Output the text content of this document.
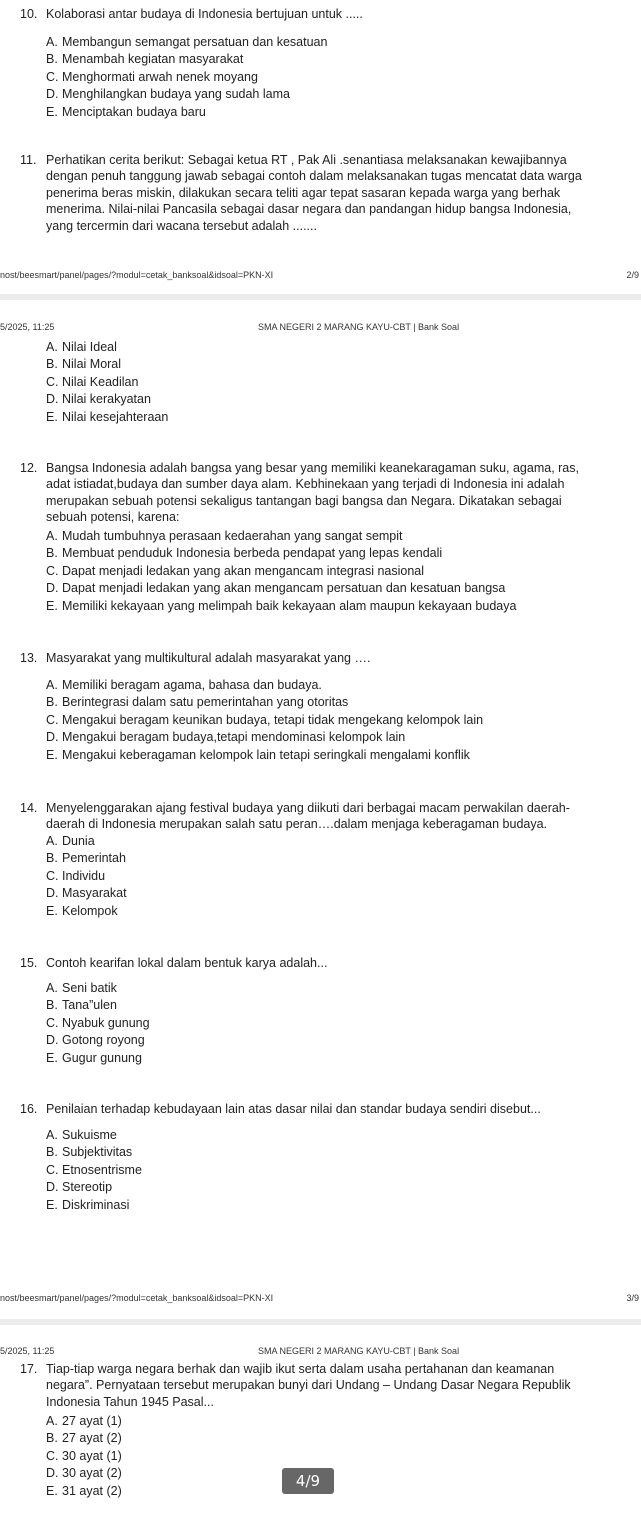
10. Kolaborasi antar budaya di Indonesia bertujuan untuk .....
A. Membangun semangat persatuan dan kesatuan
B. Menambah kegiatan masyarakat
C. Menghormati arwah nenek moyang
D. Menghilangkan budaya yang sudah lama
E. Menciptakan budaya baru
11. Perhatikan cerita berikut: Sebagai ketua RT , Pak Ali .senantiasa melaksanakan kewajibannya dengan penuh tanggung jawab sebagai contoh dalam melaksanakan tugas mencatat data warga penerima beras miskin, dilakukan secara teliti agar tepat sasaran kepada warga yang berhak menerima. Nilai-nilai Pancasila sebagai dasar negara dan pandangan hidup bangsa Indonesia, yang tercermin dari wacana tersebut adalah .......
nost/beesmart/panel/pages/?modul=cetak_banksoal&idsoal=PKN-XI	2/9
5/2025, 11:25	SMA NEGERI 2 MARANG KAYU-CBT | Bank Soal
A. Nilai Ideal
B. Nilai Moral
C. Nilai Keadilan
D. Nilai kerakyatan
E. Nilai kesejahteraan
12. Bangsa Indonesia adalah bangsa yang besar yang memiliki keanekaragaman suku, agama, ras, adat istiadat,budaya dan sumber daya alam. Kebhinekaan yang terjadi di Indonesia ini adalah merupakan sebuah potensi sekaligus tantangan bagi bangsa dan Negara. Dikatakan sebagai sebuah potensi, karena:
A. Mudah tumbuhnya perasaan kedaerahan yang sangat sempit
B. Membuat penduduk Indonesia berbeda pendapat yang lepas kendali
C. Dapat menjadi ledakan yang akan mengancam integrasi nasional
D. Dapat menjadi ledakan yang akan mengancam persatuan dan kesatuan bangsa
E. Memiliki kekayaan yang melimpah baik kekayaan alam maupun kekayaan budaya
13. Masyarakat yang multikultural adalah masyarakat yang ….
A. Memiliki beragam agama, bahasa dan budaya.
B. Berintegrasi dalam satu pemerintahan yang otoritas
C. Mengakui beragam keunikan budaya, tetapi tidak mengekang kelompok lain
D. Mengakui beragam budaya,tetapi mendominasi kelompok lain
E. Mengakui keberagaman kelompok lain tetapi seringkali mengalami konflik
14. Menyelenggarakan ajang festival budaya yang diikuti dari berbagai macam perwakilan daerah-daerah di Indonesia merupakan salah satu peran….dalam menjaga keberagaman budaya.
A. Dunia
B. Pemerintah
C. Individu
D. Masyarakat
E. Kelompok
15. Contoh kearifan lokal dalam bentuk karya adalah...
A. Seni batik
B. Tana”ulen
C. Nyabuk gunung
D. Gotong royong
E. Gugur gunung
16. Penilaian terhadap kebudayaan lain atas dasar nilai dan standar budaya sendiri disebut...
A. Sukuisme
B. Subjektivitas
C. Etnosentrisme
D. Stereotip
E. Diskriminasi
nost/beesmart/panel/pages/?modul=cetak_banksoal&idsoal=PKN-XI	3/9
5/2025, 11:25	SMA NEGERI 2 MARANG KAYU-CBT | Bank Soal
17. Tiap-tiap warga negara berhak dan wajib ikut serta dalam usaha pertahanan dan keamanan negara”. Pernyataan tersebut merupakan bunyi dari Undang – Undang Dasar Negara Republik Indonesia Tahun 1945 Pasal...
A. 27 ayat (1)
B. 27 ayat (2)
C. 30 ayat (1)
D. 30 ayat (2)
E. 31 ayat (2)
4/9
